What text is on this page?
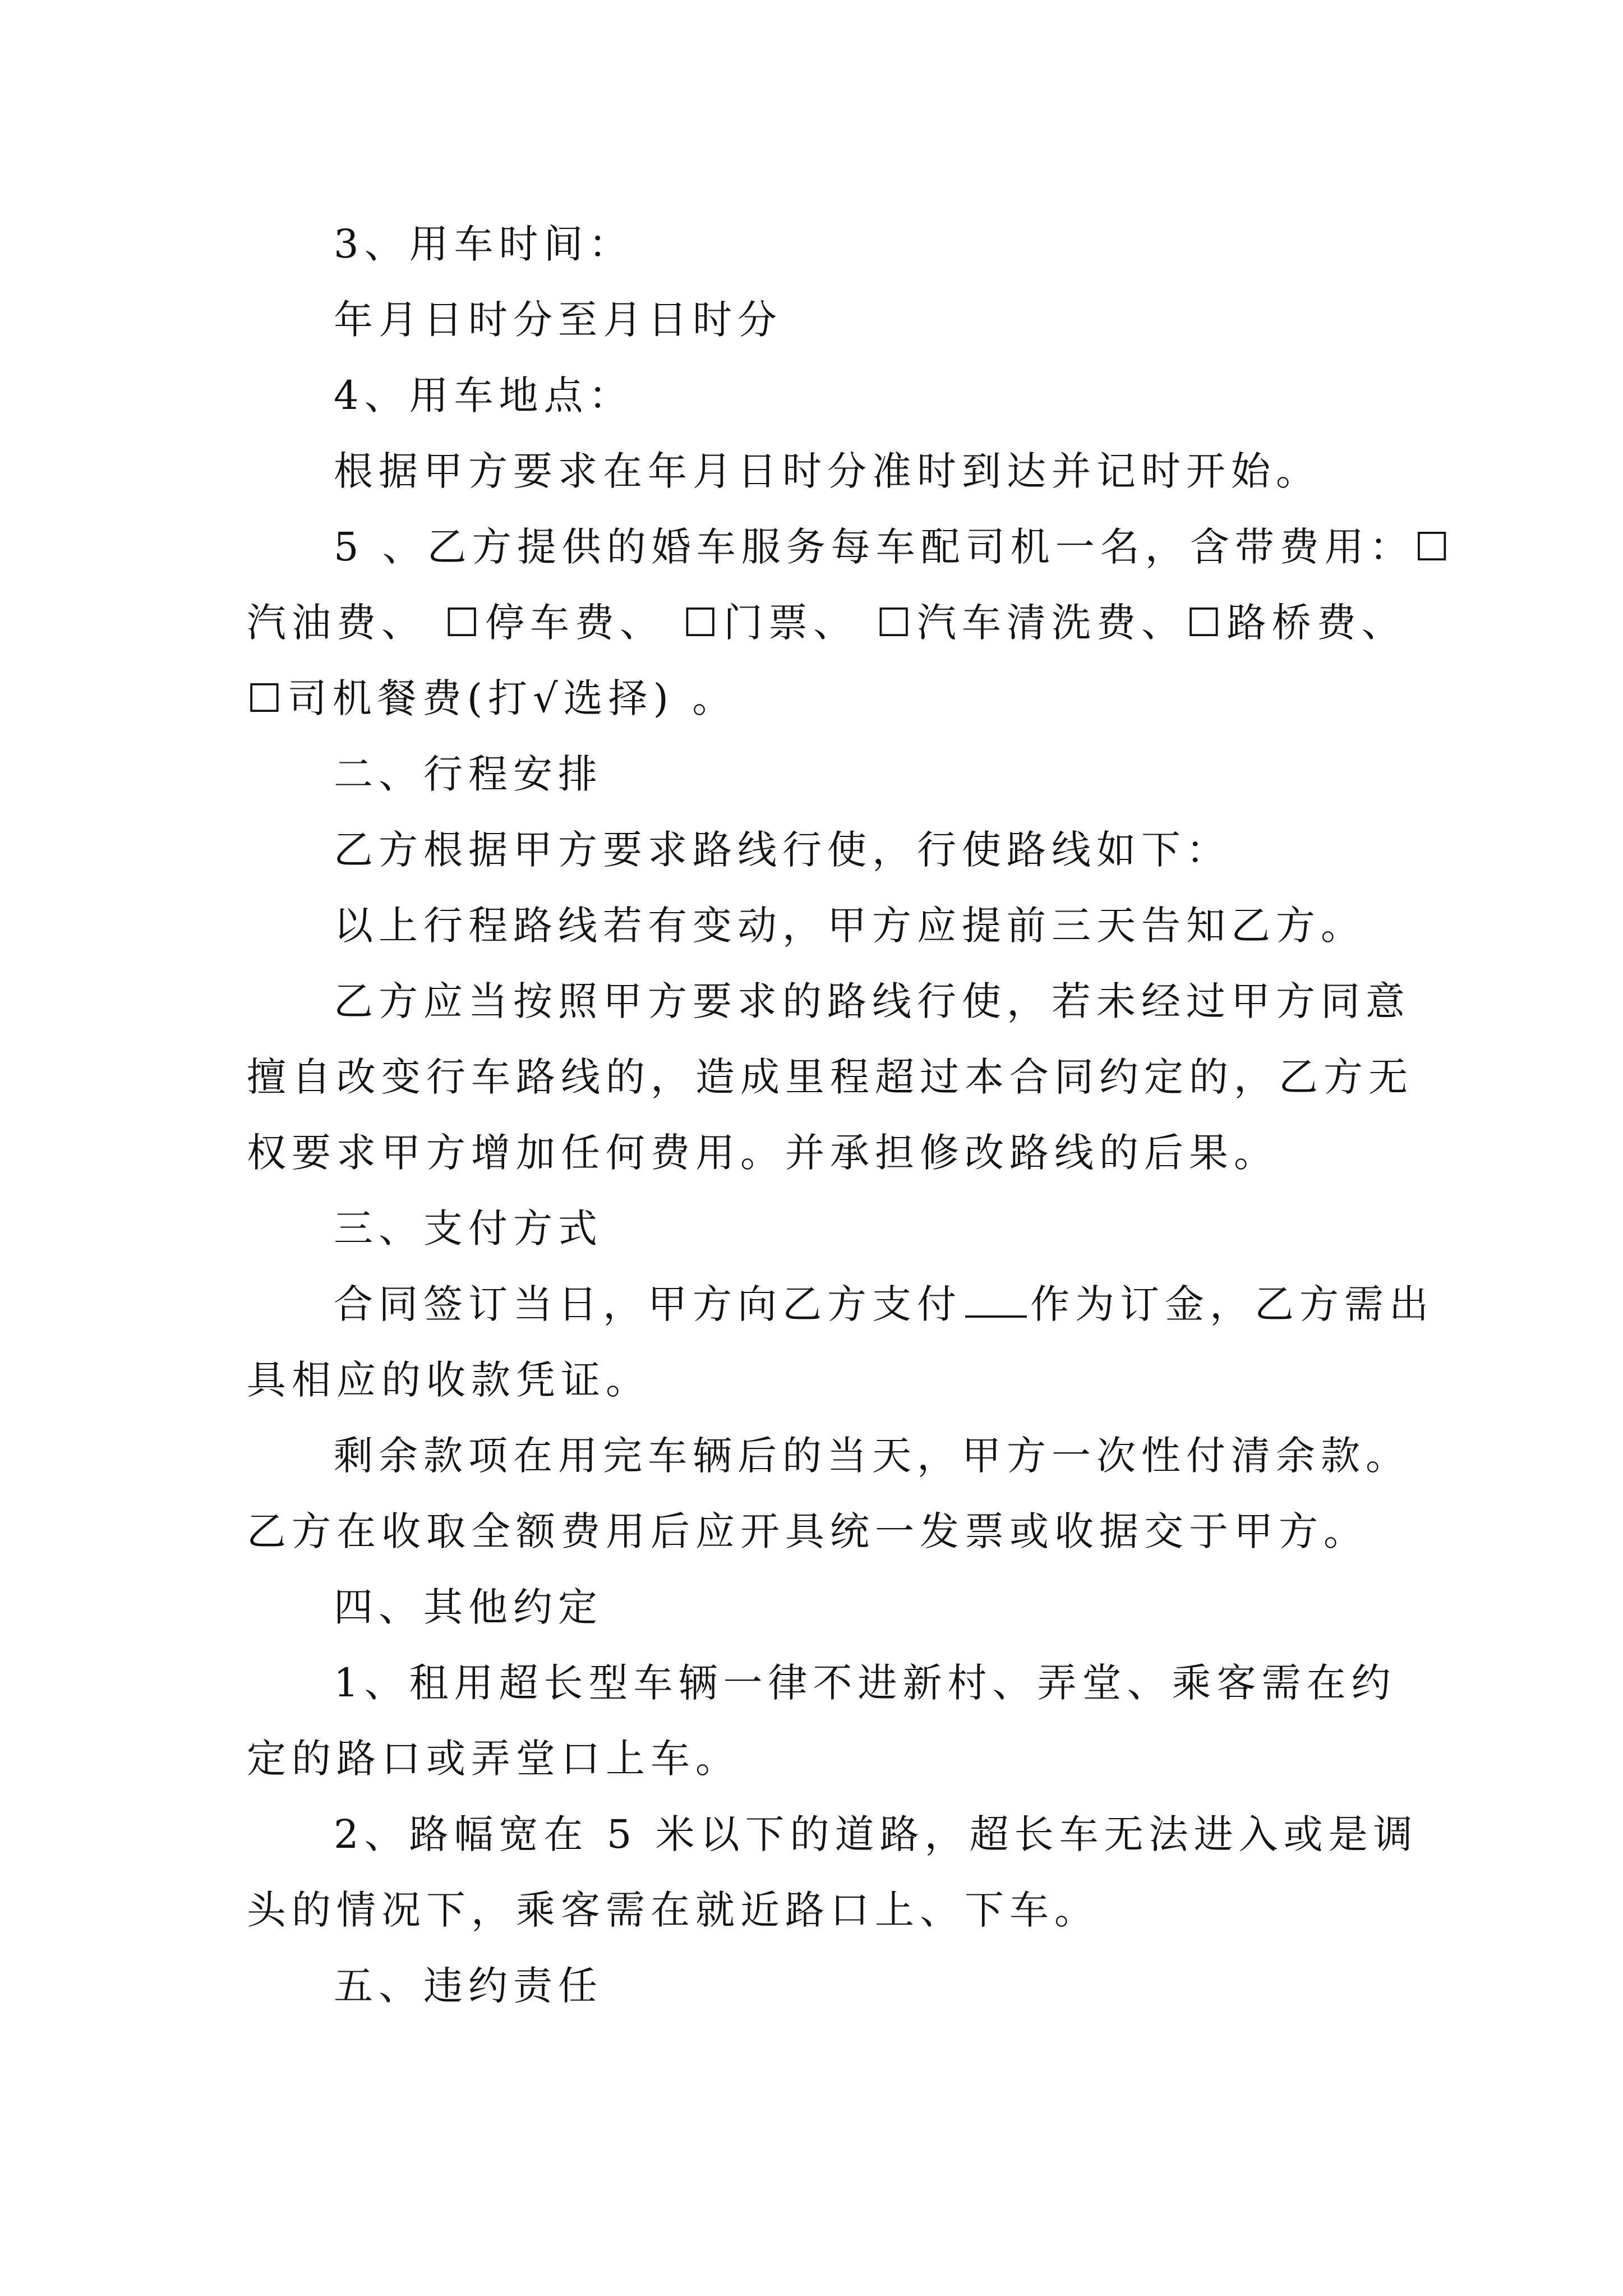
3、用车时间：
年月日时分至月日时分
4、用车地点：
根据甲方要求在年月日时分准时到达并记时开始。
5 、乙方提供的婚车服务每车配司机一名，含带费用：☐
汽油费、 ☐停车费、 ☐门票、 ☐汽车清洗费、☐路桥费、
☐司机餐费(打√选择) 。
二、行程安排
乙方根据甲方要求路线行使，行使路线如下：
以上行程路线若有变动，甲方应提前三天告知乙方。
乙方应当按照甲方要求的路线行使，若未经过甲方同意
擅自改变行车路线的，造成里程超过本合同约定的，乙方无
权要求甲方增加任何费用。并承担修改路线的后果。
三、支付方式
合同签订当日，甲方向乙方支付 作为订金，乙方需出
具相应的收款凭证。
剩余款项在用完车辆后的当天，甲方一次性付清余款。
乙方在收取全额费用后应开具统一发票或收据交于甲方。
四、其他约定
1、租用超长型车辆一律不进新村、弄堂、乘客需在约
定的路口或弄堂口上车。
2、路幅宽在 5 米以下的道路，超长车无法进入或是调
头的情况下，乘客需在就近路口上、下车。
五、违约责任
